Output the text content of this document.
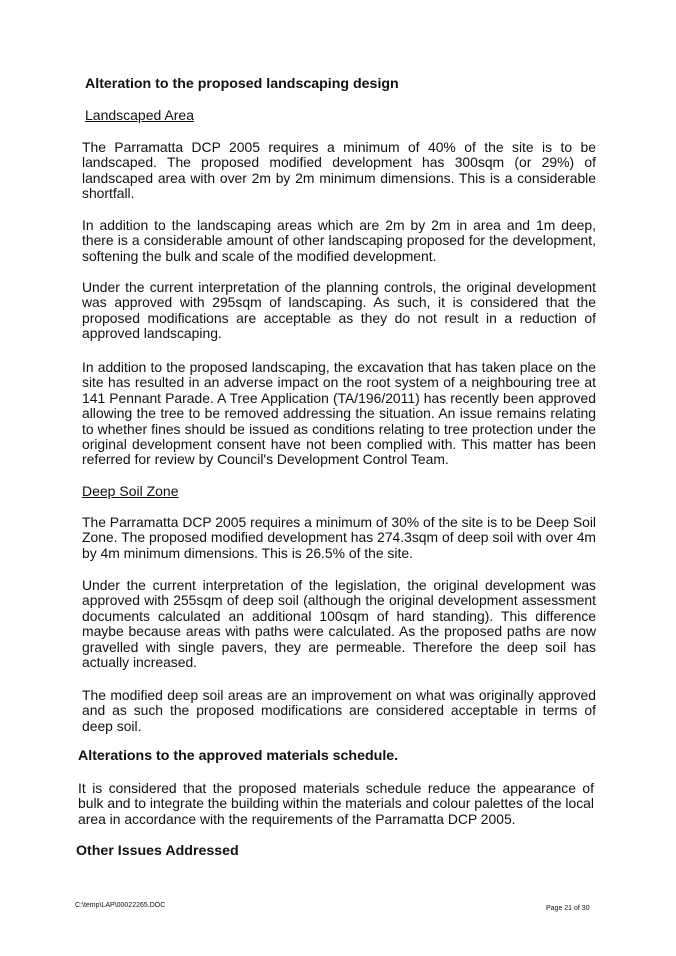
Alteration to the proposed landscaping design
Landscaped Area

The Parramatta DCP 2005 requires a minimum of 40% of the site is to be landscaped. The proposed modified development has 300sqm (or 29%) of landscaped area with over 2m by 2m minimum dimensions. This is a considerable shortfall.

In addition to the landscaping areas which are 2m by 2m in area and 1m deep, there is a considerable amount of other landscaping proposed for the development, softening the bulk and scale of the modified development.

Under the current interpretation of the planning controls, the original development was approved with 295sqm of landscaping. As such, it is considered that the proposed modifications are acceptable as they do not result in a reduction of approved landscaping.

In addition to the proposed landscaping, the excavation that has taken place on the site has resulted in an adverse impact on the root system of a neighbouring tree at 141 Pennant Parade. A Tree Application (TA/196/2011) has recently been approved allowing the tree to be removed addressing the situation. An issue remains relating to whether fines should be issued as conditions relating to tree protection under the original development consent have not been complied with. This matter has been referred for review by Council's Development Control Team.

Deep Soil Zone

The Parramatta DCP 2005 requires a minimum of 30% of the site is to be Deep Soil Zone. The proposed modified development has 274.3sqm of deep soil with over 4m by 4m minimum dimensions. This is 26.5% of the site.

Under the current interpretation of the legislation, the original development was approved with 255sqm of deep soil (although the original development assessment documents calculated an additional 100sqm of hard standing). This difference maybe because areas with paths were calculated. As the proposed paths are now gravelled with single pavers, they are permeable. Therefore the deep soil has actually increased.

The modified deep soil areas are an improvement on what was originally approved and as such the proposed modifications are considered acceptable in terms of deep soil.

Alterations to the approved materials schedule.

It is considered that the proposed materials schedule reduce the appearance of bulk and to integrate the building within the materials and colour palettes of the local area in accordance with the requirements of the Parramatta DCP 2005.

Other Issues Addressed
C:\temp\LAP\00022265.DOC	Page 21 of 30
